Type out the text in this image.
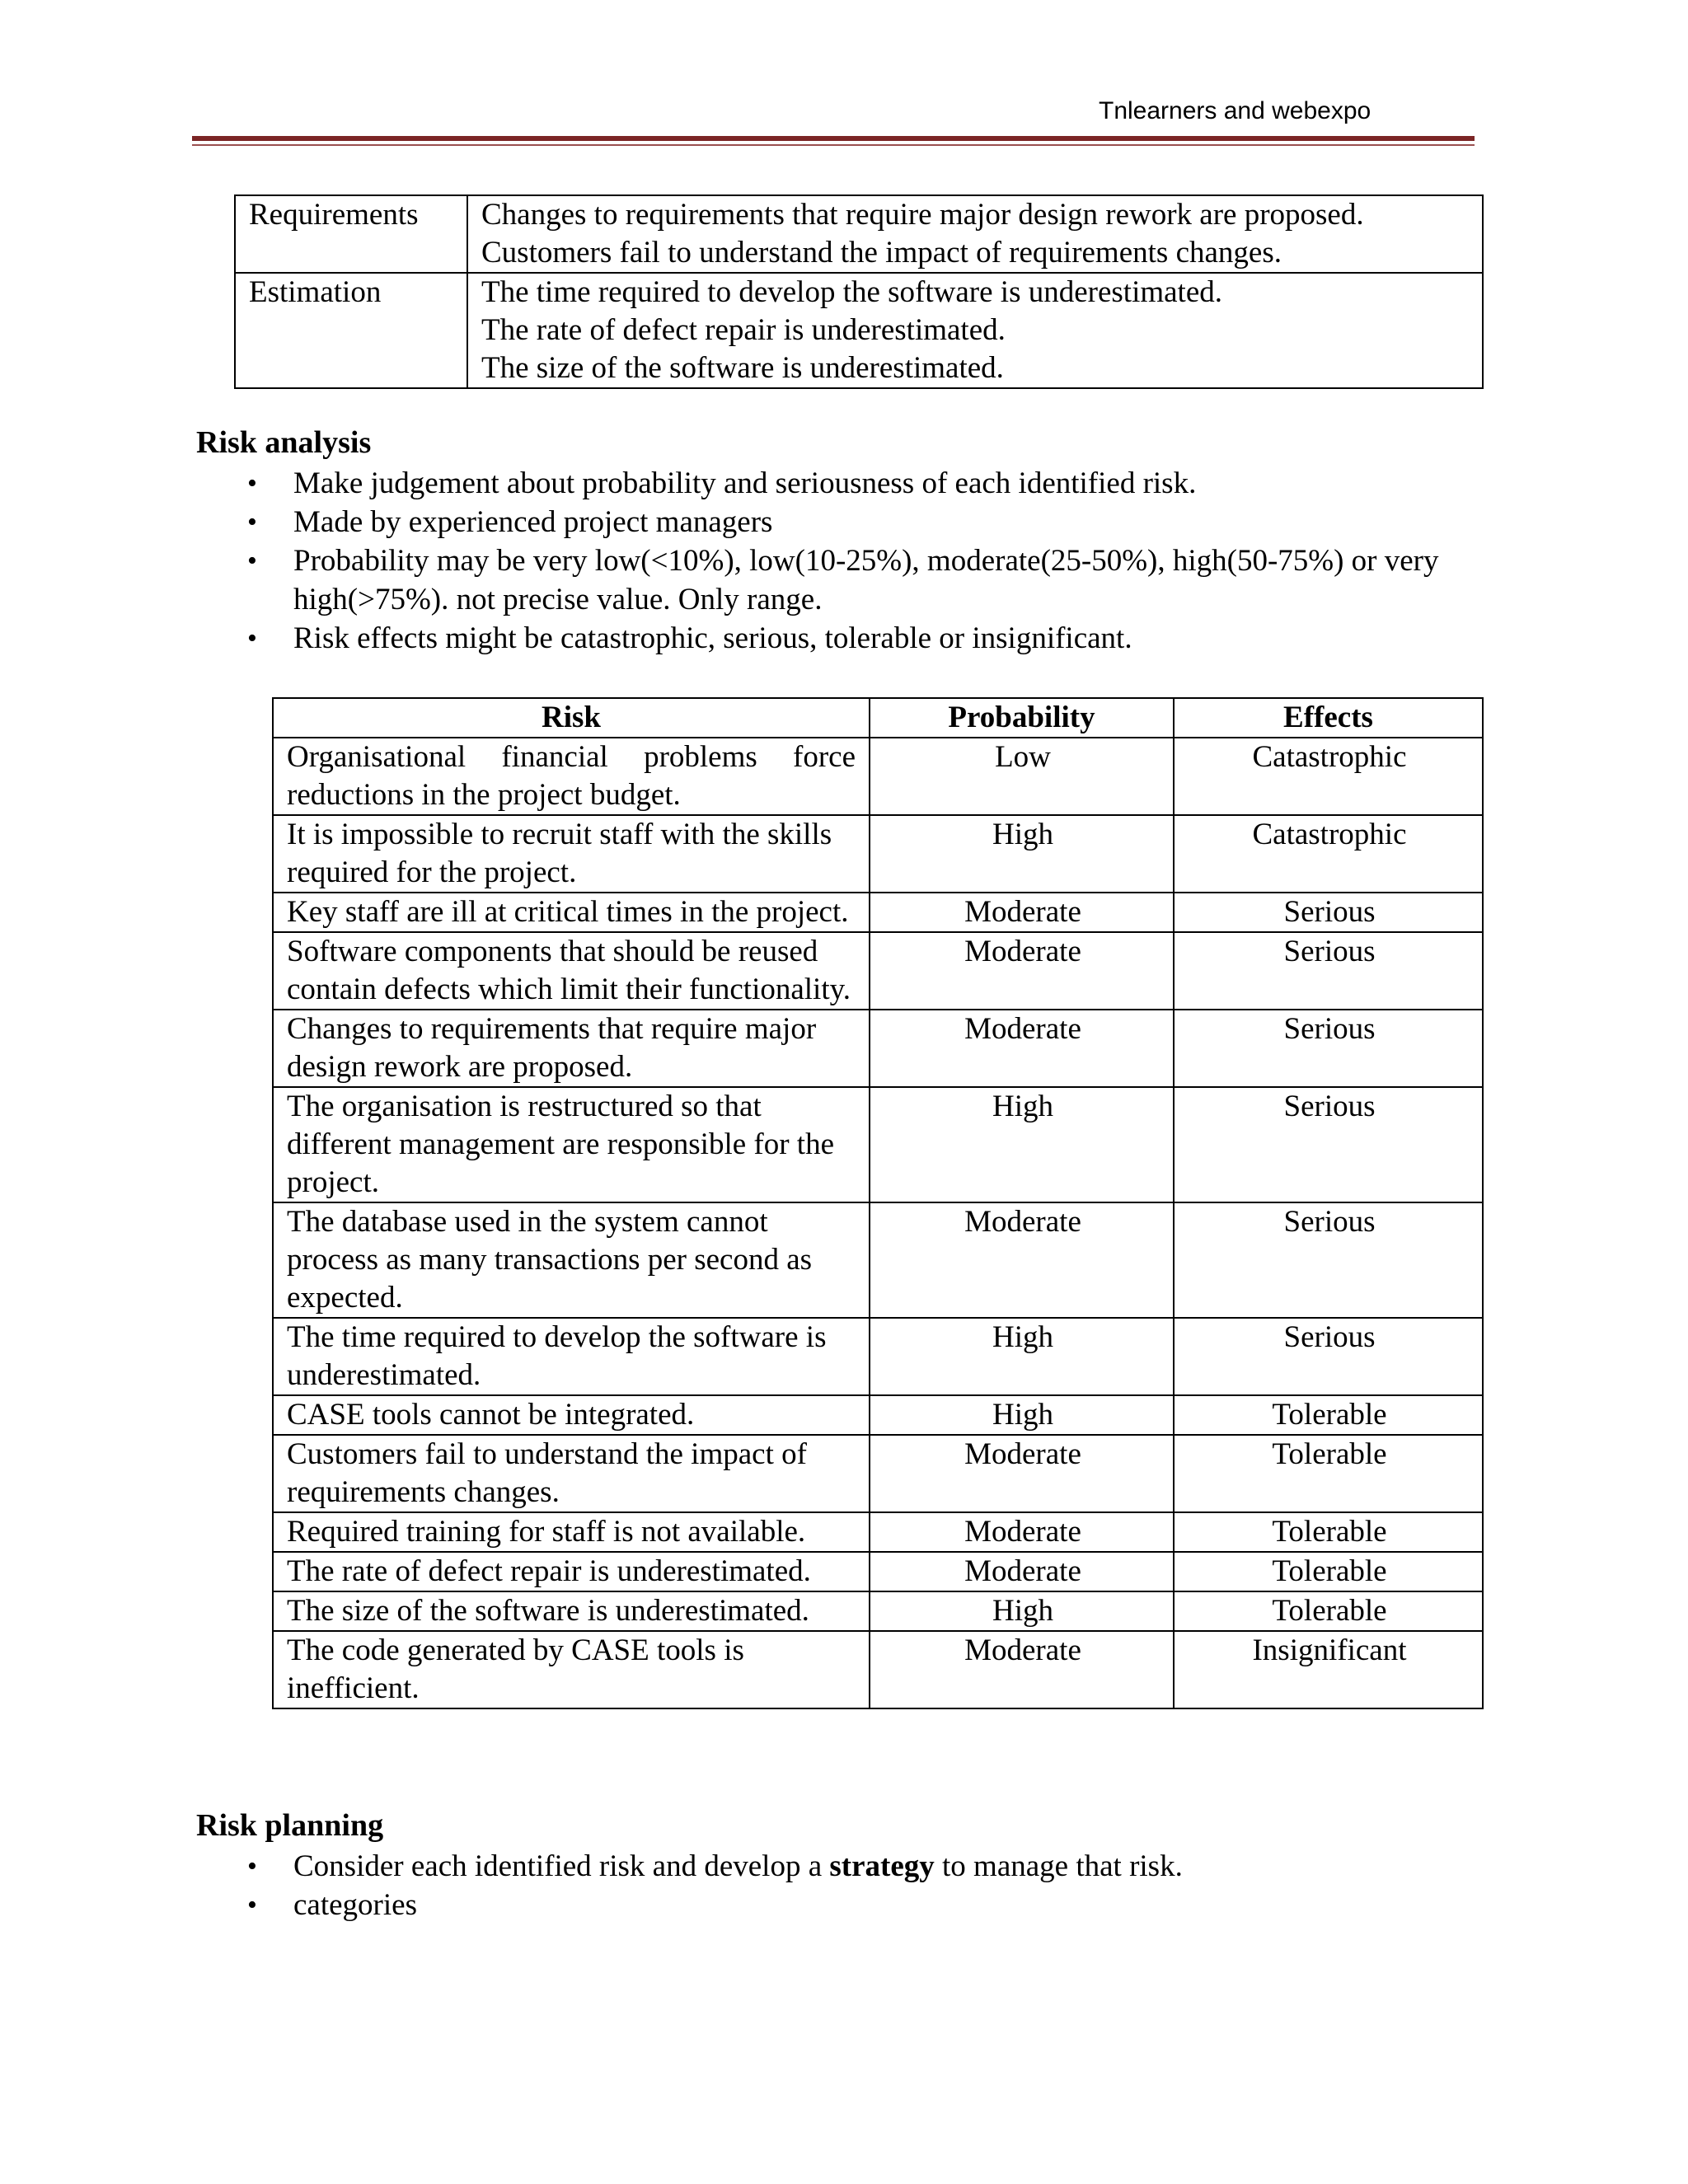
Tnlearners and webexpo
Requirements	Changes to requirements that require major design rework are proposed.
Customers fail to understand the impact of requirements changes.

Estimation	The time required to develop the software is underestimated.
The rate of defect repair is underestimated.
The size of the software is underestimated.
Risk analysis
• Make judgement about probability and seriousness of each identified risk.
• Made by experienced project managers
• Probability may be very low(<10%), low(10-25%), moderate(25-50%), high(50-75%) or very high(>75%). not precise value. Only range.
• Risk effects might be catastrophic, serious, tolerable or insignificant.
Risk	Probability	Effects
Organisational financial problems force reductions in the project budget.	Low	Catastrophic
It is impossible to recruit staff with the skills required for the project.	High	Catastrophic
Key staff are ill at critical times in the project.	Moderate	Serious
Software components that should be reused contain defects which limit their functionality.	Moderate	Serious
Changes to requirements that require major design rework are proposed.	Moderate	Serious
The organisation is restructured so that different management are responsible for the project.	High	Serious
The database used in the system cannot process as many transactions per second as expected.	Moderate	Serious
The time required to develop the software is underestimated.	High	Serious
CASE tools cannot be integrated.	High	Tolerable
Customers fail to understand the impact of requirements changes.	Moderate	Tolerable
Required training for staff is not available.	Moderate	Tolerable
The rate of defect repair is underestimated.	Moderate	Tolerable
The size of the software is underestimated.	High	Tolerable
The code generated by CASE tools is inefficient.	Moderate	Insignificant
Risk planning
• Consider each identified risk and develop a strategy to manage that risk.
• categories
